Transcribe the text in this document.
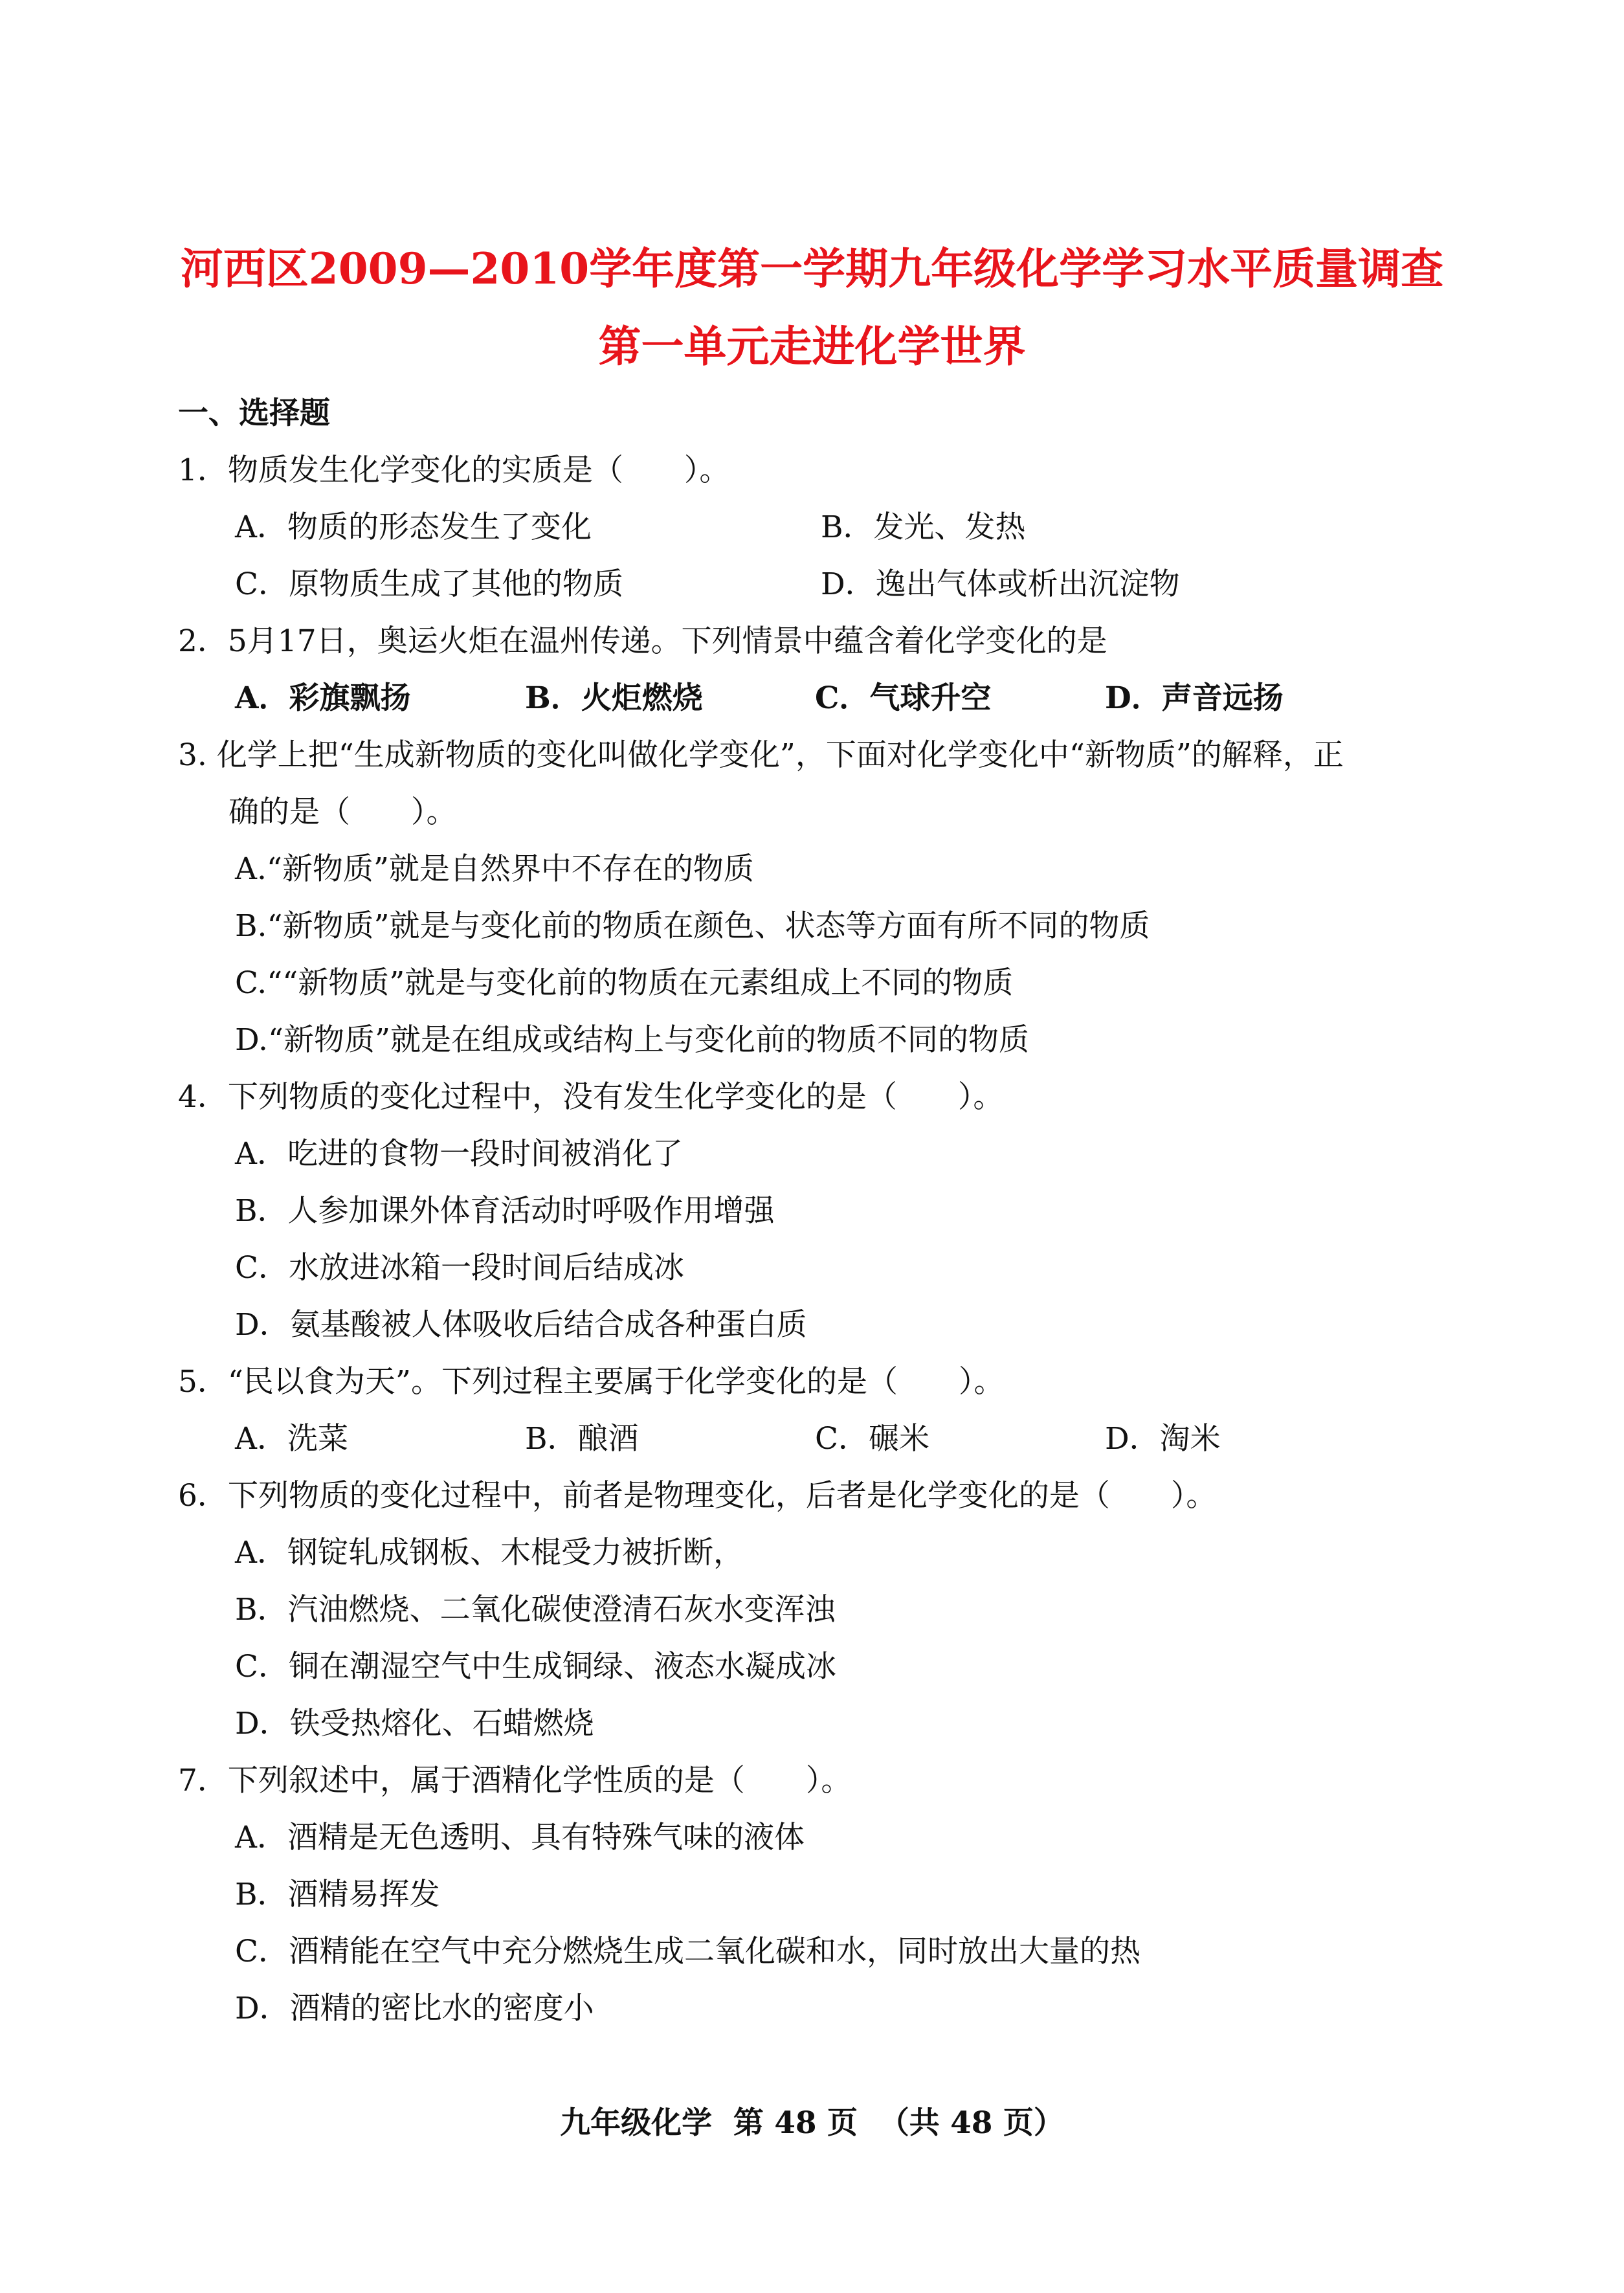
河西区2009—2010学年度第一学期九年级化学学习水平质量调查
第一单元走进化学世界
一、选择题
1．物质发生化学变化的实质是（　　）。
A．物质的形态发生了变化	B．发光、发热
C．原物质生成了其他的物质	D．逸出气体或析出沉淀物
2．5月17日，奥运火炬在温州传递。下列情景中蕴含着化学变化的是
A．彩旗飘扬	B．火炬燃烧	C．气球升空	D．声音远扬
3. 化学上把“生成新物质的变化叫做化学变化”，下面对化学变化中“新物质”的解释，正
确的是（　　）。
A.“新物质”就是自然界中不存在的物质
B.“新物质”就是与变化前的物质在颜色、状态等方面有所不同的物质
C.““新物质”就是与变化前的物质在元素组成上不同的物质
D.“新物质”就是在组成或结构上与变化前的物质不同的物质
4．下列物质的变化过程中，没有发生化学变化的是（　　）。
A．吃进的食物一段时间被消化了
B．人参加课外体育活动时呼吸作用增强
C．水放进冰箱一段时间后结成冰
D．氨基酸被人体吸收后结合成各种蛋白质
5．“民以食为天”。下列过程主要属于化学变化的是（　　）。
A．洗菜	B．酿酒	C．碾米	D．淘米
6．下列物质的变化过程中，前者是物理变化，后者是化学变化的是（　　）。
A．钢锭轧成钢板、木棍受力被折断，
B．汽油燃烧、二氧化碳使澄清石灰水变浑浊
C．铜在潮湿空气中生成铜绿、液态水凝成冰
D．铁受热熔化、石蜡燃烧
7．下列叙述中，属于酒精化学性质的是（　　）。
A．酒精是无色透明、具有特殊气味的液体
B．酒精易挥发
C．酒精能在空气中充分燃烧生成二氧化碳和水，同时放出大量的热
D．酒精的密比水的密度小
九年级化学  第 48 页  （共 48 页）
